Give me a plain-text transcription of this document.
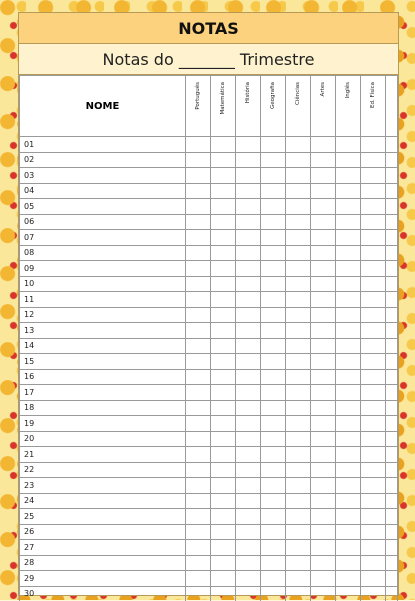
NOTAS
Notas do _______ Trimestre
NOME	Português	Matemática	História	Geografia	Ciências	Artes	Inglês	Ed. Física	

01									
02									
03									
04									
05									
06									
07									
08									
09									
10									
11									
12									
13									
14									
15									
16									
17									
18									
19									
20									
21									
22									
23									
24									
25									
26									
27									
28									
29									
30									
